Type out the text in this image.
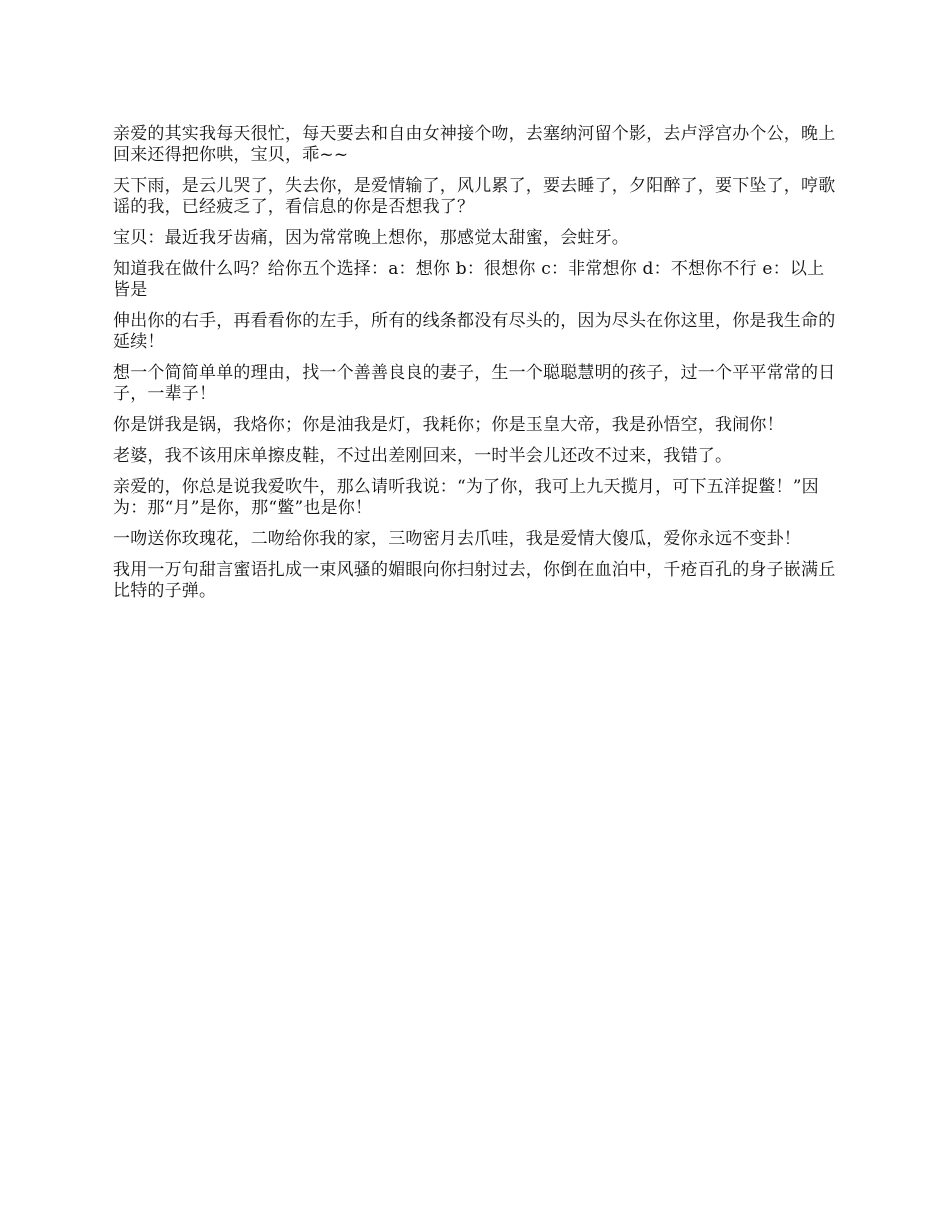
亲爱的其实我每天很忙，每天要去和自由女神接个吻，去塞纳河留个影，去卢浮宫办个公，晚上回来还得把你哄，宝贝，乖~~

天下雨，是云儿哭了，失去你，是爱情输了，风儿累了，要去睡了，夕阳醉了，要下坠了，哼歌谣的我，已经疲乏了，看信息的你是否想我了？

宝贝：最近我牙齿痛，因为常常晚上想你，那感觉太甜蜜，会蛀牙。

知道我在做什么吗？给你五个选择：a：想你 b：很想你 c：非常想你 d：不想你不行 e：以上皆是

伸出你的右手，再看看你的左手，所有的线条都没有尽头的，因为尽头在你这里，你是我生命的延续！

想一个简简单单的理由，找一个善善良良的妻子，生一个聪聪慧明的孩子，过一个平平常常的日子，一辈子！

你是饼我是锅，我烙你；你是油我是灯，我耗你；你是玉皇大帝，我是孙悟空，我闹你！

老婆，我不该用床单擦皮鞋，不过出差刚回来，一时半会儿还改不过来，我错了。

亲爱的，你总是说我爱吹牛，那么请听我说：“为了你，我可上九天揽月，可下五洋捉鳖！”因为：那“月”是你，那“鳖”也是你！

一吻送你玫瑰花，二吻给你我的家，三吻密月去爪哇，我是爱情大傻瓜，爱你永远不变卦！

我用一万句甜言蜜语扎成一束风骚的媚眼向你扫射过去，你倒在血泊中，千疮百孔的身子嵌满丘比特的子弹。
